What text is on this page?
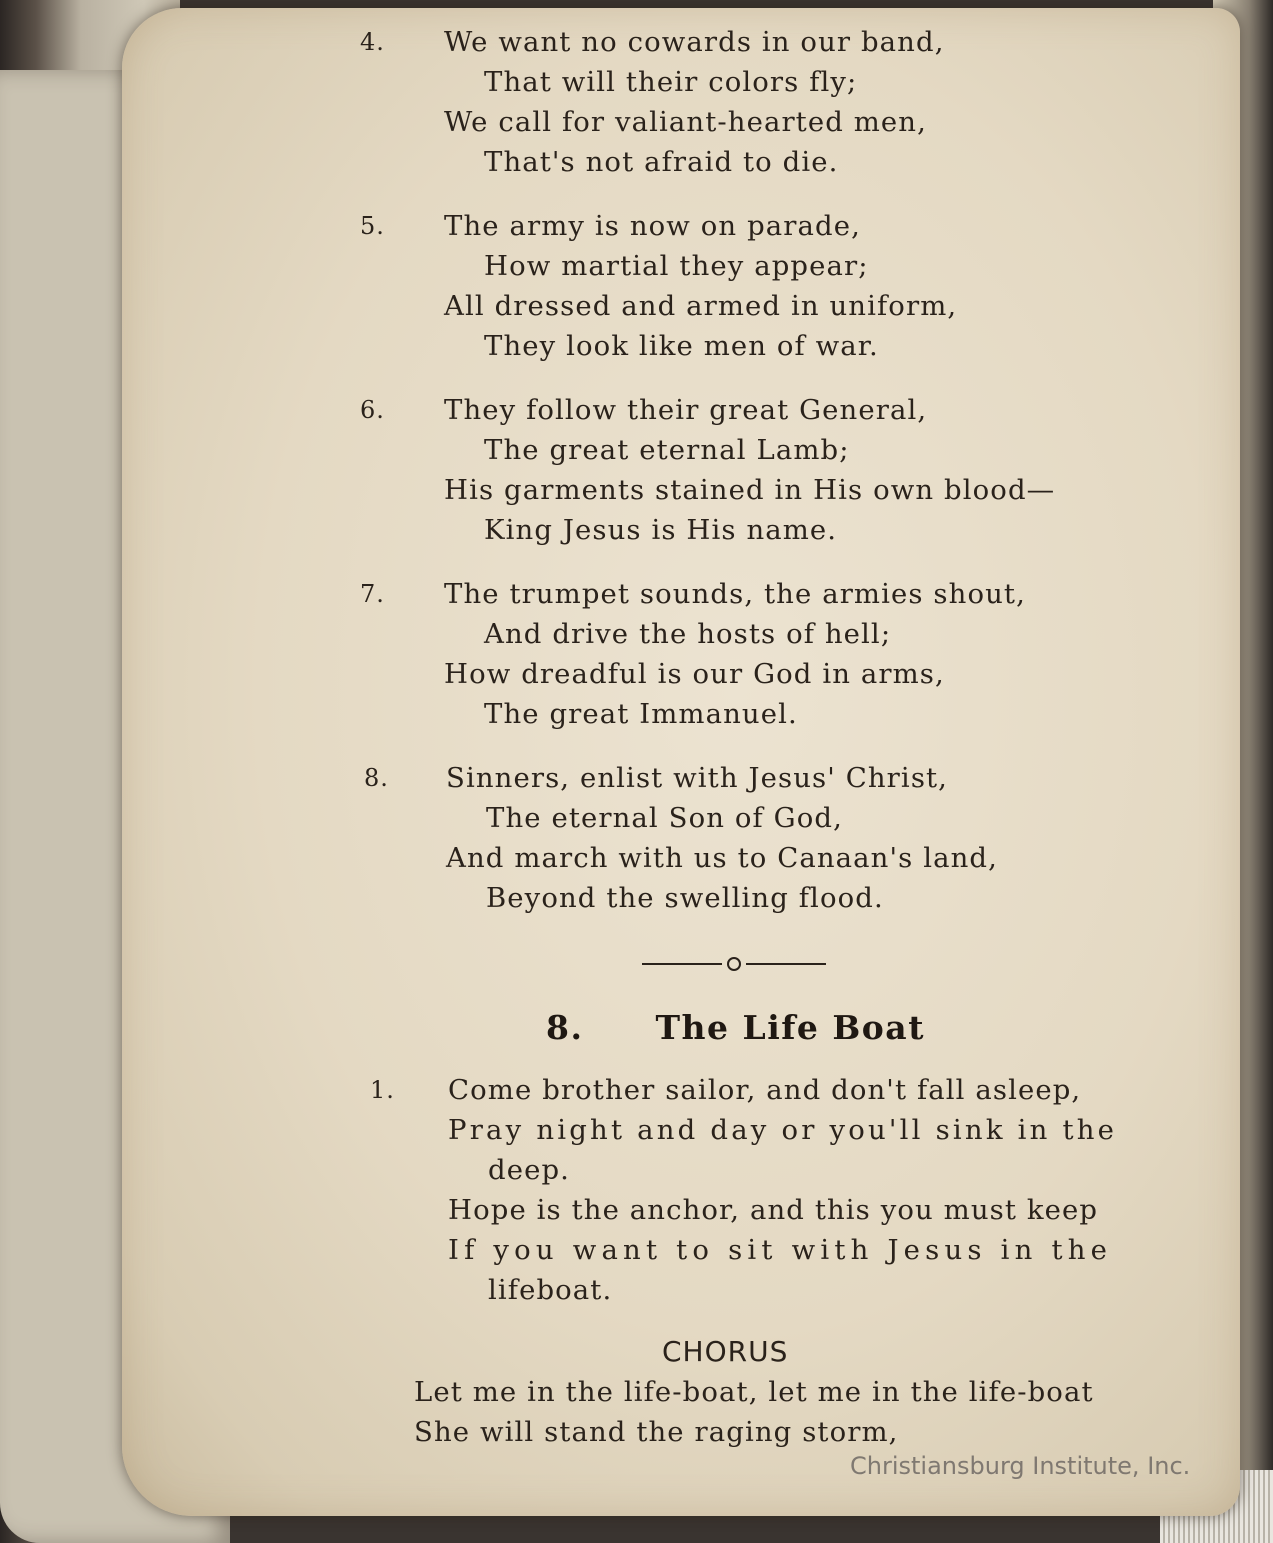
4. We want no cowards in our band,
That will their colors fly;
We call for valiant-hearted men,
That's not afraid to die.
5. The army is now on parade,
How martial they appear;
All dressed and armed in uniform,
They look like men of war.
6. They follow their great General,
The great eternal Lamb;
His garments stained in His own blood—
King Jesus is His name.
7. The trumpet sounds, the armies shout,
And drive the hosts of hell;
How dreadful is our God in arms,
The great Immanuel.
8. Sinners, enlist with Jesus' Christ,
The eternal Son of God,
And march with us to Canaan's land,
Beyond the swelling flood.
8. The Life Boat
1. Come brother sailor, and don't fall asleep,
Pray night and day or you'll sink in the
deep.
Hope is the anchor, and this you must keep
If you want to sit with Jesus in the
lifeboat.
CHORUS
Let me in the life-boat, let me in the life-boat
She will stand the raging storm,
Christiansburg Institute, Inc.
